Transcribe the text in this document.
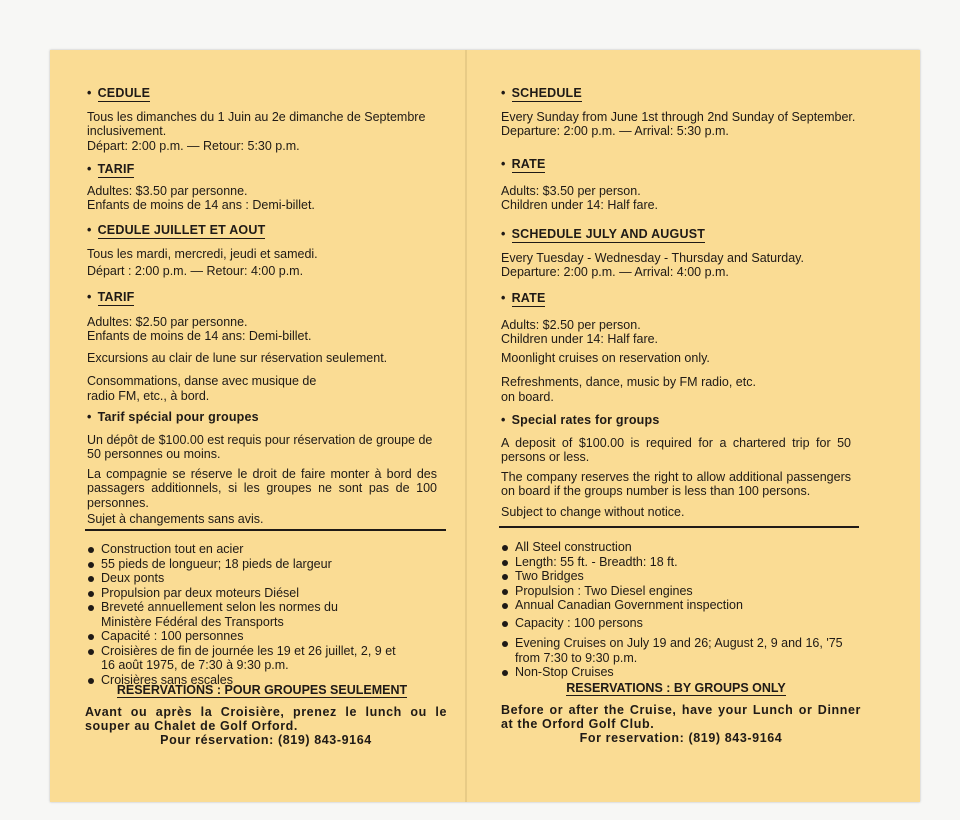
• CEDULE
Tous les dimanches du 1 Juin au 2e dimanche de Septembre inclusivement.
Départ: 2:00 p.m. — Retour: 5:30 p.m.
• TARIF
Adultes: $3.50 par personne.
Enfants de moins de 14 ans : Demi-billet.
• CEDULE JUILLET ET AOUT
Tous les mardi, mercredi, jeudi et samedi.
Départ : 2:00 p.m. — Retour: 4:00 p.m.
• TARIF
Adultes: $2.50 par personne.
Enfants de moins de 14 ans: Demi-billet.
Excursions au clair de lune sur réservation seulement.
Consommations, danse avec musique de radio FM, etc., à bord.
• Tarif spécial pour groupes
Un dépôt de $100.00 est requis pour réservation de groupe de 50 personnes ou moins.
La compagnie se réserve le droit de faire monter à bord des passagers additionnels, si les groupes ne sont pas de 100 personnes.
Sujet à changements sans avis.
Construction tout en acier
55 pieds de longueur; 18 pieds de largeur
Deux ponts
Propulsion par deux moteurs Diésel
Breveté annuellement selon les normes du
Ministère Fédéral des Transports
Capacité : 100 personnes
Croisières de fin de journée les 19 et 26 juillet, 2, 9 et
16 août 1975, de 7:30 à 9:30 p.m.
Croisières sans escales
RESERVATIONS : POUR GROUPES SEULEMENT
Avant ou après la Croisière, prenez le lunch ou le souper au Chalet de Golf Orford.
Pour réservation: (819) 843-9164
• SCHEDULE
Every Sunday from June 1st through 2nd Sunday of September.
Departure: 2:00 p.m. — Arrival: 5:30 p.m.
• RATE
Adults: $3.50 per person.
Children under 14: Half fare.
• SCHEDULE JULY AND AUGUST
Every Tuesday - Wednesday - Thursday and Saturday.
Departure: 2:00 p.m. — Arrival: 4:00 p.m.
• RATE
Adults: $2.50 per person.
Children under 14: Half fare.
Moonlight cruises on reservation only.
Refreshments, dance, music by FM radio, etc. on board.
• Special rates for groups
A deposit of $100.00 is required for a chartered trip for 50 persons or less.
The company reserves the right to allow additional passengers on board if the groups number is less than 100 persons.
Subject to change without notice.
All Steel construction
Length: 55 ft. - Breadth: 18 ft.
Two Bridges
Propulsion : Two Diesel engines
Annual Canadian Government inspection
Capacity : 100 persons
Evening Cruises on July 19 and 26; August 2, 9 and 16, '75
from 7:30 to 9:30 p.m.
Non-Stop Cruises
RESERVATIONS : BY GROUPS ONLY
Before or after the Cruise, have your Lunch or Dinner at the Orford Golf Club.
For reservation: (819) 843-9164
